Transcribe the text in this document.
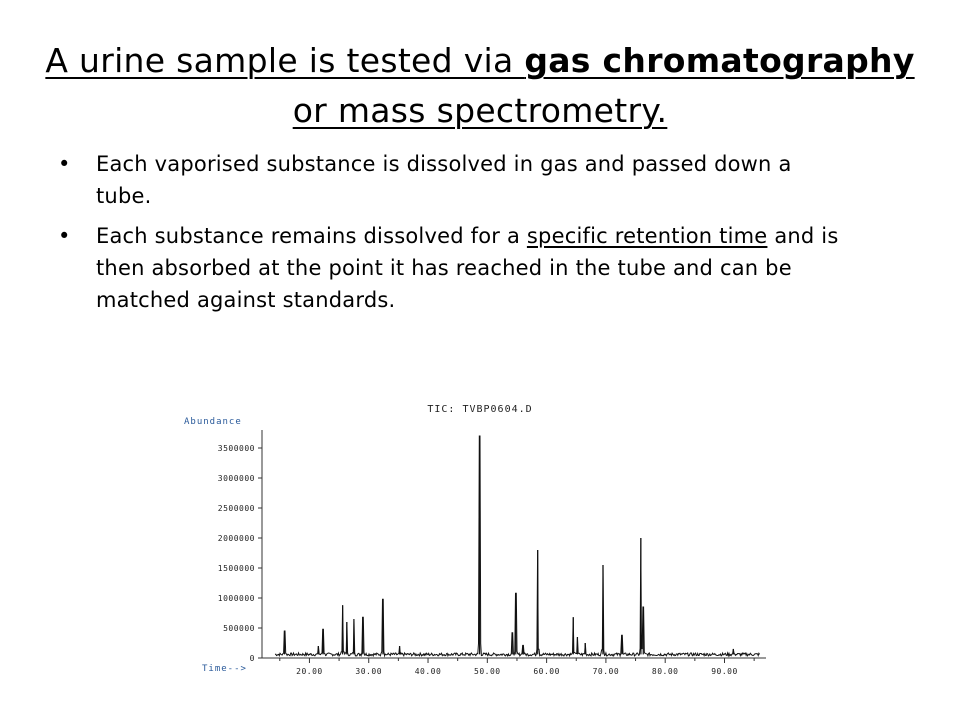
A urine sample is tested via gas chromatography or mass spectrometry.
• Each vaporised substance is dissolved in gas and passed down a tube.
• Each substance remains dissolved for a specific retention time and is then absorbed at the point it has reached in the tube and can be matched against standards.
TIC: TVBP0604.D
Abundance
Time-->
0
500000
1000000
1500000
2000000
2500000
3000000
3500000
20.00	30.00	40.00	50.00	60.00	70.00	80.00	90.00
